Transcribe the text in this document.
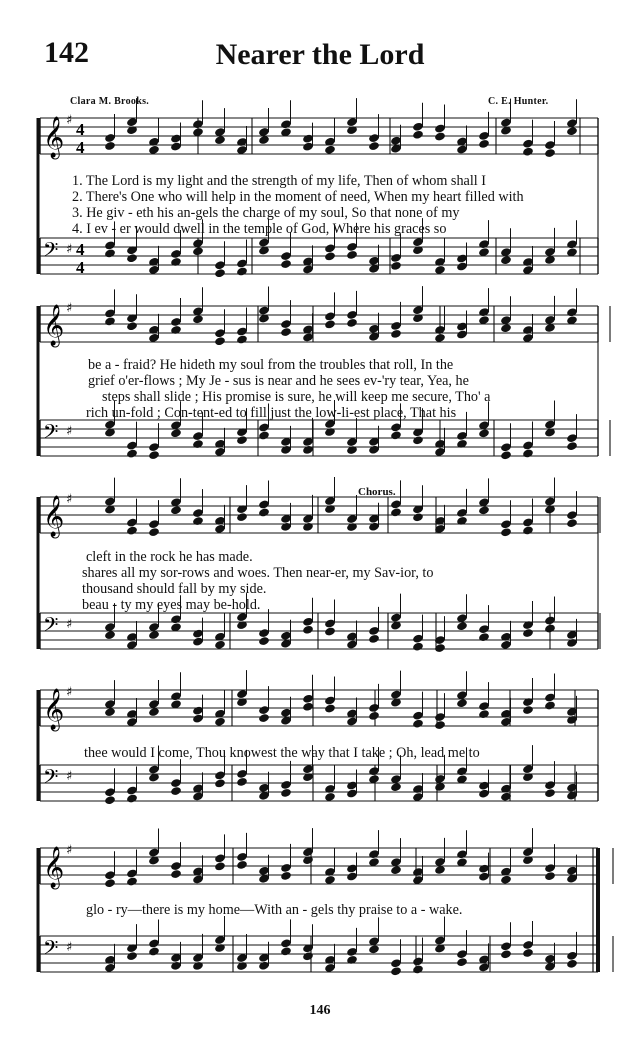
142	Nearer the Lord
Clara M. Brooks.	C. E. Hunter.
𝄞 ♯ 4
4
𝄢 ♯ 4
4
𝄞 ♯
𝄢 ♯
𝄞 ♯
𝄢 ♯
𝄞 ♯
𝄢 ♯
𝄞 ♯
𝄢 ♯
Chorus.
1. The Lord is my light and the strength of my life, Then of whom shall I
2. There's One who will help in the moment of need, When my heart filled with
3. He giv - eth his an-gels the charge of my soul, So that none of my
4. I ev - er would dwell in the temple of God, Where his graces so
be a - fraid? He hideth my soul from the troubles that roll, In the
grief o'er-flows ; My Je - sus is near and he sees ev-'ry tear, Yea, he
steps shall slide ; His promise is sure, he will keep me secure, Tho' a
rich un-fold ; Con-tent-ed to fill just the low-li-est place, That his
cleft in the rock he has made.
shares all my sor-rows and woes. Then near-er, my Sav-ior, to
thousand should fall by my side.
beau - ty my eyes may be-hold.
thee would I come, Thou knowest the way that I take ; Oh, lead me to
glo - ry—there is my home—With an - gels thy praise to a - wake.
146
